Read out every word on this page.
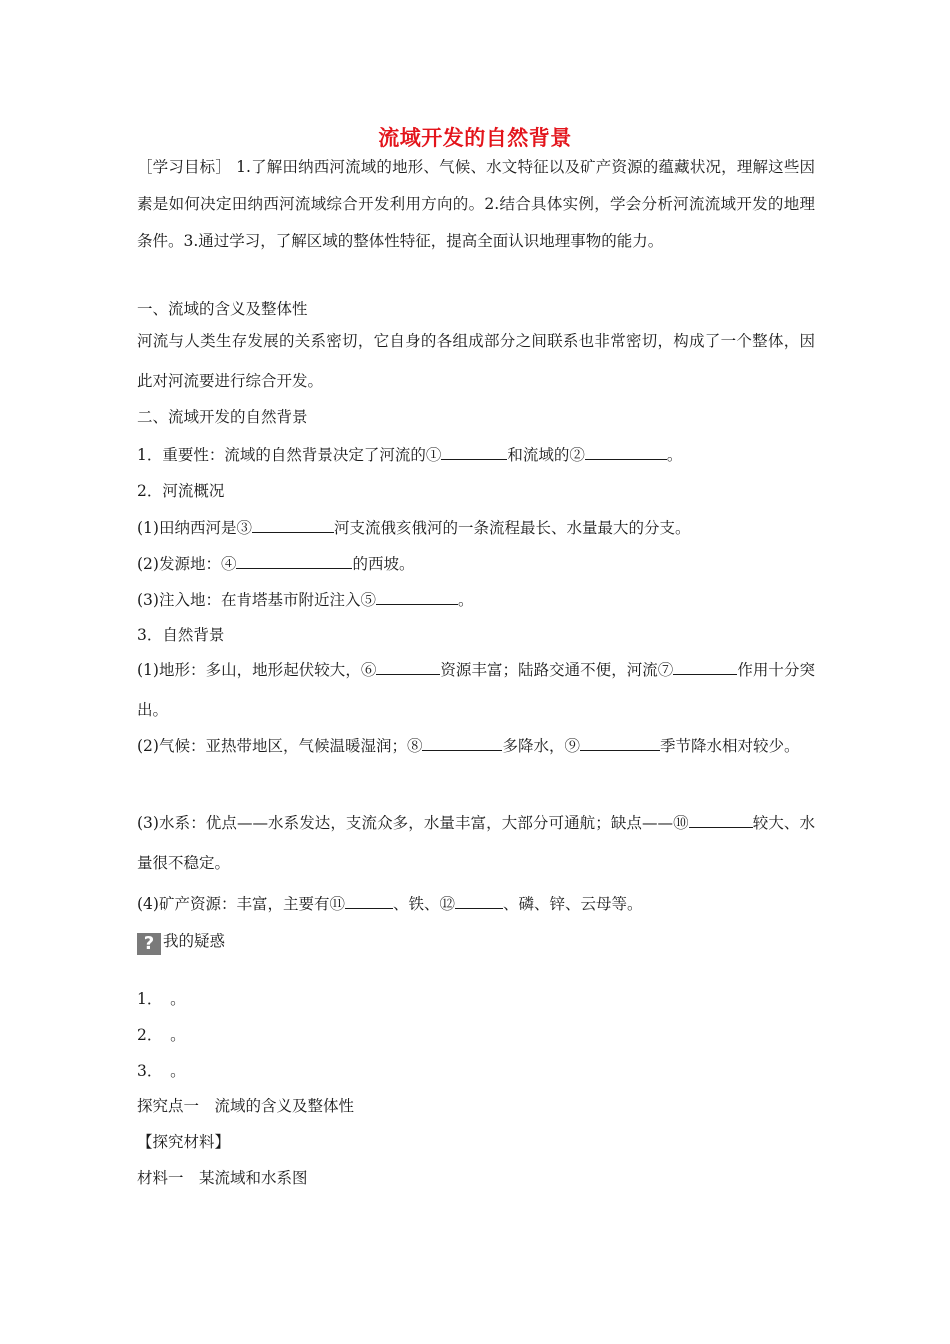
流域开发的自然背景
［学习目标］ 1.了解田纳西河流域的地形、气候、水文特征以及矿产资源的蕴藏状况，理解这些因素是如何决定田纳西河流域综合开发利用方向的。2.结合具体实例，学会分析河流流域开发的地理条件。3.通过学习，了解区域的整体性特征，提高全面认识地理事物的能力。
一、流域的含义及整体性
河流与人类生存发展的关系密切，它自身的各组成部分之间联系也非常密切，构成了一个整体，因此对河流要进行综合开发。
二、流域开发的自然背景
1．重要性：流域的自然背景决定了河流的①	和流域的②	。
2．河流概况
(1)田纳西河是③	河支流俄亥俄河的一条流程最长、水量最大的分支。
(2)发源地：④	的西坡。
(3)注入地：在肯塔基市附近注入⑤	。
3．自然背景
(1)地形：多山，地形起伏较大，⑥	资源丰富；陆路交通不便，河流⑦	作用十分突出。
(2)气候：亚热带地区，气候温暖湿润；⑧	多降水，⑨	季节降水相对较少。
(3)水系：优点——水系发达，支流众多，水量丰富，大部分可通航；缺点——⑩	较大、水量很不稳定。
(4)矿产资源：丰富，主要有⑪	、铁、⑫	、磷、锌、云母等。
? 我的疑惑
1．　。
2．　。
3．　。
探究点一　流域的含义及整体性
【探究材料】
材料一　某流域和水系图
